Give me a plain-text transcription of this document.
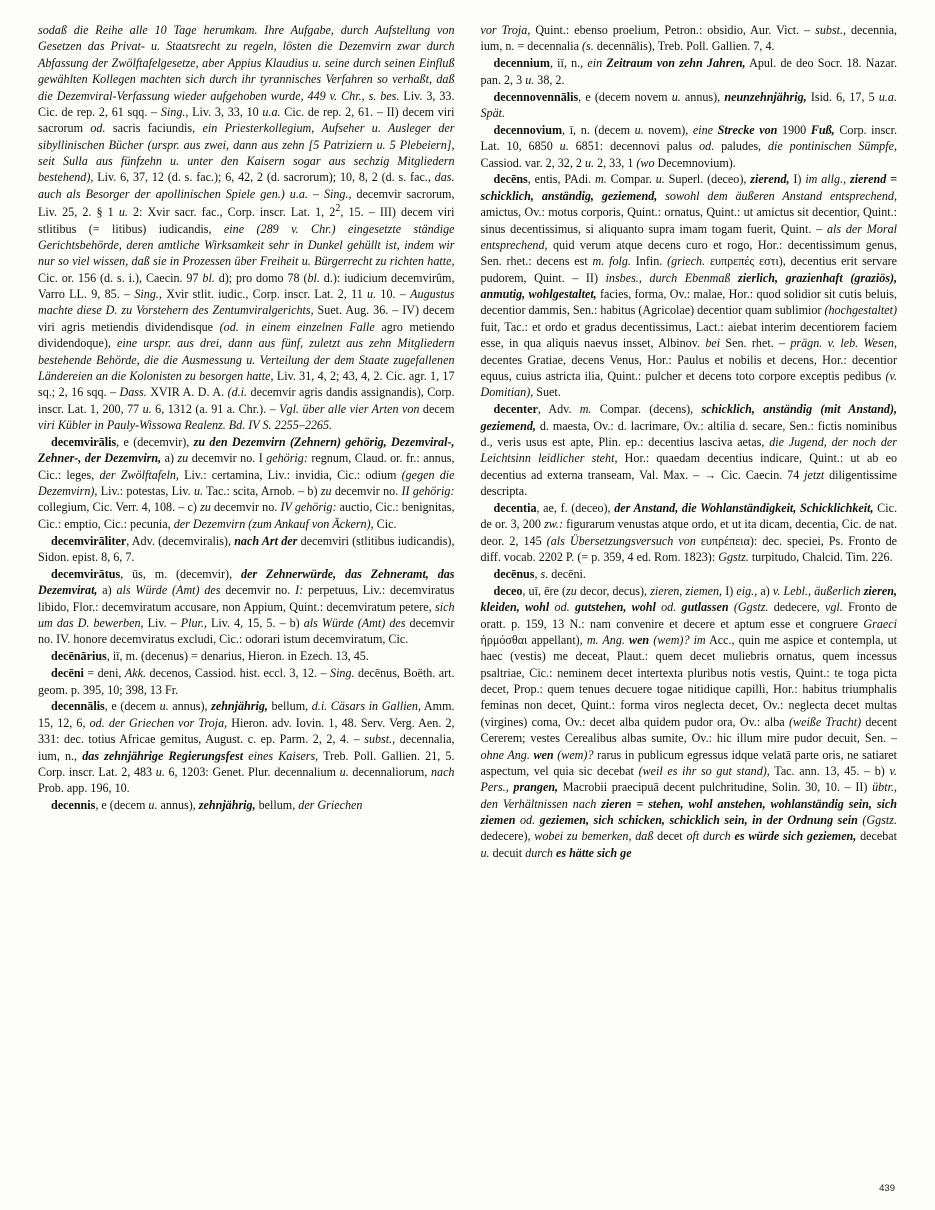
sodaß die Reihe alle 10 Tage herumkam. Ihre Aufgabe, durch Aufstellung von Gesetzen das Privat- u. Staatsrecht zu regeln, lösten die Dezemvirn zwar durch Abfassung der Zwölftafelgesetze, aber Appius Klaudius u. seine durch seinen Einfluß gewählten Kollegen machten sich durch ihr tyrannisches Verfahren so verhaßt, daß die Dezemviral-Verfassung wieder aufgehoben wurde, 449 v. Chr., s. bes. Liv. 3, 33. Cic. de rep. 2, 61 sqq. – Sing., Liv. 3, 33, 10 u.a. Cic. de rep. 2, 61. – II) decem viri sacrorum od. sacris faciundis, ein Priesterkollegium, Aufseher u. Ausleger der sibyllinischen Bücher (urspr. aus zwei, dann aus zehn [5 Patriziern u. 5 Plebeiern], seit Sulla aus fünfzehn u. unter den Kaisern sogar aus sechzig Mitgliedern bestehend), Liv. 6, 37, 12 (d. s. fac.); 6, 42, 2 (d. sacrorum); 10, 8, 2 (d. s. fac., das. auch als Besorger der apollinischen Spiele gen.) u.a. – Sing., decemvir sacrorum, Liv. 25, 2. § 1 u. 2: Xvir sacr. fac., Corp. inscr. Lat. 1, $2^2$, 15. – III) decem viri stlitibus (= litibus) iudicandis, eine (289 v. Chr.) eingesetzte ständige Gerichtsbehörde, deren amtliche Wirksamkeit sehr in Dunkel gehüllt ist, indem wir nur so viel wissen, daß sie in Prozessen über Freiheit u. Bürgerrecht zu richten hatte, Cic. or. 156 (d. s. i.), Caecin. 97 bl. d); pro domo 78 (bl. d.): iudicium decemvirûm, Varro LL. 9, 85. – Sing., Xvir stlit. iudic., Corp. inscr. Lat. 2, 11 u. 10. – Augustus machte diese D. zu Vorstehern des Zentumviralgerichts, Suet. Aug. 36. – IV) decem viri agris metiendis dividendisque (od. in einem einzelnen Falle agro metiendo dividendoque), eine urspr. aus drei, dann aus fünf, zuletzt aus zehn Mitgliedern bestehende Behörde, die die Ausmessung u. Verteilung der dem Staate zugefallenen Ländereien an die Kolonisten zu besorgen hatte, Liv. 31, 4, 2; 43, 4, 2. Cic. agr. 1, 17 sq.; 2, 16 sqq. – Dass. XVIR A. D. A. (d.i. decemvir agris dandis assignandis), Corp. inscr. Lat. 1, 200, 77 u. 6, 1312 (a. 91 a. Chr.). – Vgl. über alle vier Arten von decem viri Kübler in Pauly-Wissowa Realenz. Bd. IV S. 2255–2265.

decemvirālis, e (decemvir), zu den Dezemvirn (Zehnern) gehörig, Dezemviral-, Zehner-, der Dezemvirn, a) zu decemvir no. I gehörig: regnum, Claud. or. fr.: annus, Cic.: leges, der Zwölftafeln, Liv.: certamina, Liv.: invidia, Cic.: odium (gegen die Dezemvirn), Liv.: potestas, Liv. u. Tac.: scita, Arnob. – b) zu decemvir no. II gehörig: collegium, Cic. Verr. 4, 108. – c) zu decemvir no. IV gehörig: auctio, Cic.: benignitas, Cic.: emptio, Cic.: pecunia, der Dezemvirn (zum Ankauf von Äckern), Cic.

decemvirāliter, Adv. (decemviralis), nach Art der decemviri (stlitibus iudicandis), Sidon. epist. 8, 6, 7.

decemvirātus, ūs, m. (decemvir), der Zehnerwürde, das Zehneramt, das Dezemvirat, a) als Würde (Amt) des decemvir no. I: perpetuus, Liv.: decemviratus libido, Flor.: decemviratum accusare, non Appium, Quint.: decemviratum petere, sich um das D. bewerben, Liv. – Plur., Liv. 4, 15, 5. – b) als Würde (Amt) des decemvir no. IV. honore decemviratus excludi, Cic.: odorari istum decemviratum, Cic.

decēnārius, iī, m. (decenus) = denarius, Hieron. in Ezech. 13, 45.

decēni = deni, Akk. decenos, Cassiod. hist. eccl. 3, 12. – Sing. decēnus, Boëth. art. geom. p. 395, 10; 398, 13 Fr.

decennālis, e (decem u. annus), zehnjährig, bellum, d.i. Cäsars in Gallien, Amm. 15, 12, 6, od. der Griechen vor Troja, Hieron. adv. Iovin. 1, 48. Serv. Verg. Aen. 2, 331: dec. totius Africae gemitus, August. c. ep. Parm. 2, 2, 4. – subst., decennalia, ium, n., das zehnjährige Regierungsfest eines Kaisers, Treb. Poll. Gallien. 21, 5. Corp. inscr. Lat. 2, 483 u. 6, 1203: Genet. Plur. decennalium u. decennaliorum, nach Prob. app. 196, 10.

decennis, e (decem u. annus), zehnjährig, bellum, der Griechen

vor Troja, Quint.: ebenso proelium, Petron.: obsidio, Aur. Vict. – subst., decennia, ium, n. = decennalia (s. decennālis), Treb. Poll. Gallien. 7, 4.

decennium, iī, n., ein Zeitraum von zehn Jahren, Apul. de deo Socr. 18. Nazar. pan. 2, 3 u. 38, 2.

decennovennālis, e (decem novem u. annus), neunzehnjährig, Isid. 6, 17, 5 u.a. Spät.

decennovium, ī, n. (decem u. novem), eine Strecke von 1900 Fuß, Corp. inscr. Lat. 10, 6850 u. 6851: decennovi palus od. paludes, die pontinischen Sümpfe, Cassiod. var. 2, 32, 2 u. 2, 33, 1 (wo Decemnovium).

decēns, entis, PAdi. m. Compar. u. Superl. (deceo), zierend, I) im allg., zierend = schicklich, anständig, geziemend, sowohl dem äußeren Anstand entsprechend, amictus, Ov.: motus corporis, Quint.: ornatus, Quint.: ut amictus sit decentior, Quint.: sinus decentissimus, si aliquanto supra imam togam fuerit, Quint. – als der Moral entsprechend, quid verum atque decens curo et rogo, Hor.: decentissimum genus, Sen. rhet.: decens est m. folg. Infin. (griech. ευπρεπές εστι), decentius erit servare pudorem, Quint. – II) insbes., durch Ebenmaß zierlich, grazienhaft (graziös), anmutig, wohlgestaltet, facies, forma, Ov.: malae, Hor.: quod solidior sit cutis beluis, decentior dammis, Sen.: habitus (Agricolae) decentior quam sublimior (hochgestaltet) fuit, Tac.: et ordo et gradus decentissimus, Lact.: aiebat interim decentiorem faciem esse, in qua aliquis naevus insset, Albinov. bei Sen. rhet. – prägn. v. leb. Wesen, decentes Gratiae, decens Venus, Hor.: Paulus et nobilis et decens, Hor.: decentior equus, cuius astricta ilia, Quint.: pulcher et decens toto corpore exceptis pedibus (v. Domitian), Suet.

decenter, Adv. m. Compar. (decens), schicklich, anständig (mit Anstand), geziemend, d. maesta, Ov.: d. lacrimare, Ov.: altilia d. secare, Sen.: fictis nominibus d., veris usus est apte, Plin. ep.: decentius lasciva aetas, die Jugend, der noch der Leichtsinn leidlicher steht, Hor.: quaedam decentius indicare, Quint.: ut ab eo decentius ad externa transeam, Val. Max. – → Cic. Caecin. 74 jetzt diligentissime descripta.

decentia, ae, f. (deceo), der Anstand, die Wohlanständigkeit, Schicklichkeit, Cic. de or. 3, 200 zw.: figurarum venustas atque ordo, et ut ita dicam, decentia, Cic. de nat. deor. 2, 145 (als Übersetzungsversuch von ευπρέπεια): dec. speciei, Ps. Fronto de diff. vocab. 2202 P. (= p. 359, 4 ed. Rom. 1823): Ggstz. turpitudo, Chalcid. Tim. 226.

decēnus, s. decēni.

deceo, uī, ēre (zu decor, decus), zieren, ziemen, I) eig., a) v. Lebl., äußerlich zieren, kleiden, wohl od. gutstehen, wohl od. gutlassen (Ggstz. dedecere, vgl. Fronto de oratt. p. 159, 13 N.: nam convenire et decere et aptum esse et congruere Graeci ἡρμόσθαι appellant), m. Ang. wen (wem)? im Acc., quin me aspice et contempla, ut haec (vestis) me deceat, Plaut.: quem decet muliebris ornatus, quem incessus psaltriae, Cic.: neminem decet intertexta pluribus notis vestis, Quint.: te toga picta decet, Prop.: quem tenues decuere togae nitidique capilli, Hor.: habitus triumphalis feminas non decet, Quint.: forma viros neglecta decet, Ov.: neglecta decet multas (virgines) coma, Ov.: decet alba quidem pudor ora, Ov.: alba (weiße Tracht) decent Cererem; vestes Cerealibus albas sumite, Ov.: hic illum mire pudor decuit, Sen. – ohne Ang. wen (wem)? rarus in publicum egressus idque velatā parte oris, ne satiaret aspectum, vel quia sic decebat (weil es ihr so gut stand), Tac. ann. 13, 45. – b) v. Pers., prangen, Macrobii praecipuā decent pulchritudine, Solin. 30, 10. – II) übtr., den Verhältnissen nach zieren = stehen, wohl anstehen, wohlanständig sein, sich ziemen od. geziemen, sich schicken, schicklich sein, in der Ordnung sein (Ggstz. dedecere), wobei zu bemerken, daß decet oft durch es würde sich geziemen, decebat u. decuit durch es hätte sich ge

439
